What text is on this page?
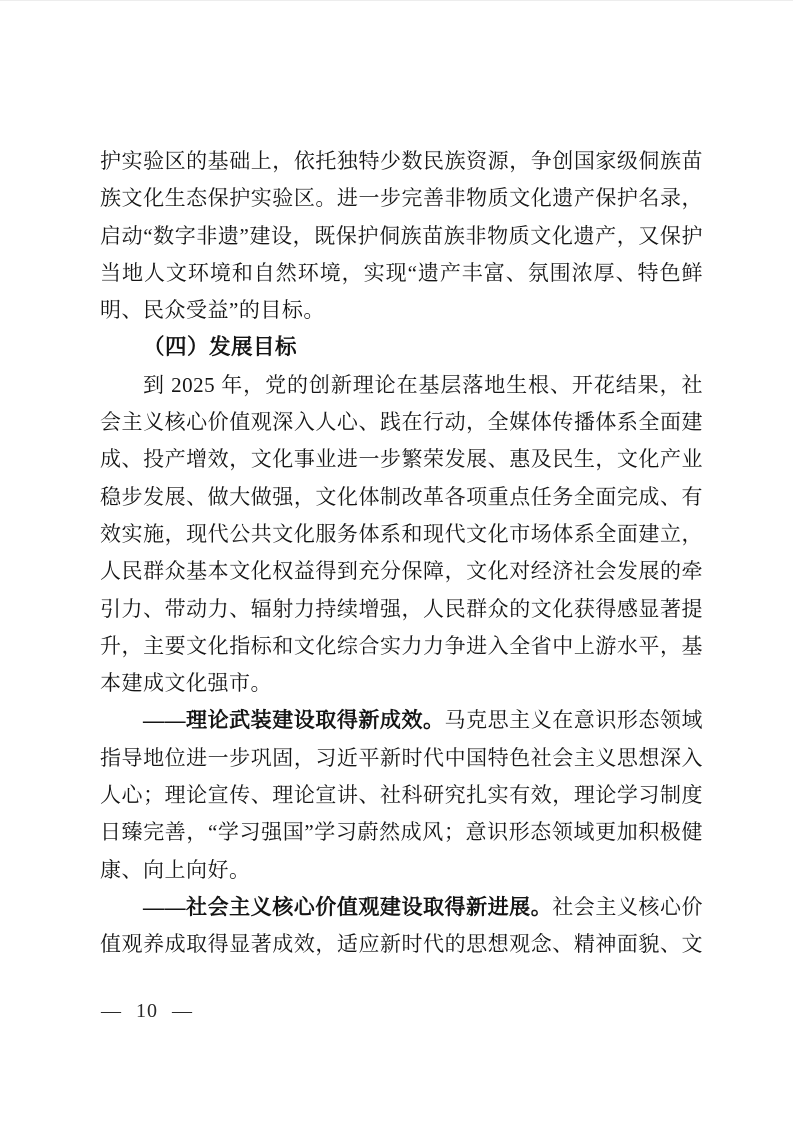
护实验区的基础上，依托独特少数民族资源，争创国家级侗族苗
族文化生态保护实验区。进一步完善非物质文化遗产保护名录，
启动“数字非遗”建设，既保护侗族苗族非物质文化遗产，又保护
当地人文环境和自然环境，实现“遗产丰富、氛围浓厚、特色鲜
明、民众受益”的目标。
（四）发展目标
到 2025 年，党的创新理论在基层落地生根、开花结果，社
会主义核心价值观深入人心、践在行动，全媒体传播体系全面建
成、投产增效，文化事业进一步繁荣发展、惠及民生，文化产业
稳步发展、做大做强，文化体制改革各项重点任务全面完成、有
效实施，现代公共文化服务体系和现代文化市场体系全面建立，
人民群众基本文化权益得到充分保障，文化对经济社会发展的牵
引力、带动力、辐射力持续增强，人民群众的文化获得感显著提
升，主要文化指标和文化综合实力力争进入全省中上游水平，基
本建成文化强市。
——理论武装建设取得新成效。马克思主义在意识形态领域
指导地位进一步巩固，习近平新时代中国特色社会主义思想深入
人心；理论宣传、理论宣讲、社科研究扎实有效，理论学习制度
日臻完善，“学习强国”学习蔚然成风；意识形态领域更加积极健
康、向上向好。
——社会主义核心价值观建设取得新进展。社会主义核心价
值观养成取得显著成效，适应新时代的思想观念、精神面貌、文
— 10 —
